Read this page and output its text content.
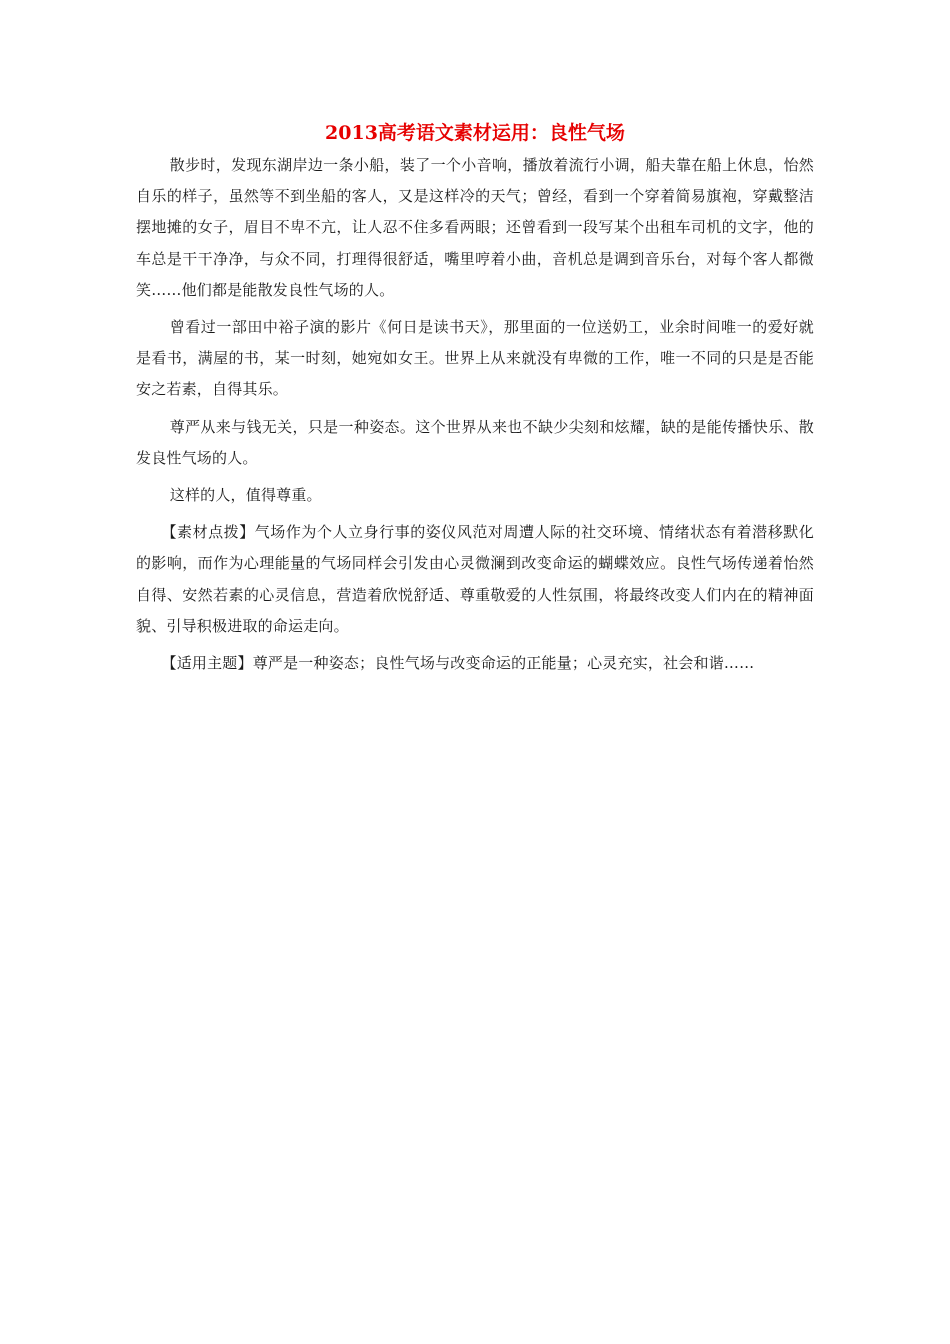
2013高考语文素材运用：良性气场

散步时，发现东湖岸边一条小船，装了一个小音响，播放着流行小调，船夫靠在船上休息，怡然自乐的样子，虽然等不到坐船的客人，又是这样冷的天气；曾经，看到一个穿着简易旗袍，穿戴整洁摆地摊的女子，眉目不卑不亢，让人忍不住多看两眼；还曾看到一段写某个出租车司机的文字，他的车总是干干净净，与众不同，打理得很舒适，嘴里哼着小曲，音机总是调到音乐台，对每个客人都微笑……他们都是能散发良性气场的人。

曾看过一部田中裕子演的影片《何日是读书天》，那里面的一位送奶工，业余时间唯一的爱好就是看书，满屋的书，某一时刻，她宛如女王。世界上从来就没有卑微的工作，唯一不同的只是是否能安之若素，自得其乐。

尊严从来与钱无关，只是一种姿态。这个世界从来也不缺少尖刻和炫耀，缺的是能传播快乐、散发良性气场的人。

这样的人，值得尊重。

【素材点拨】气场作为个人立身行事的姿仪风范对周遭人际的社交环境、情绪状态有着潜移默化的影响，而作为心理能量的气场同样会引发由心灵微澜到改变命运的蝴蝶效应。良性气场传递着怡然自得、安然若素的心灵信息，营造着欣悦舒适、尊重敬爱的人性氛围，将最终改变人们内在的精神面貌、引导积极进取的命运走向。

【适用主题】尊严是一种姿态；良性气场与改变命运的正能量；心灵充实，社会和谐……
